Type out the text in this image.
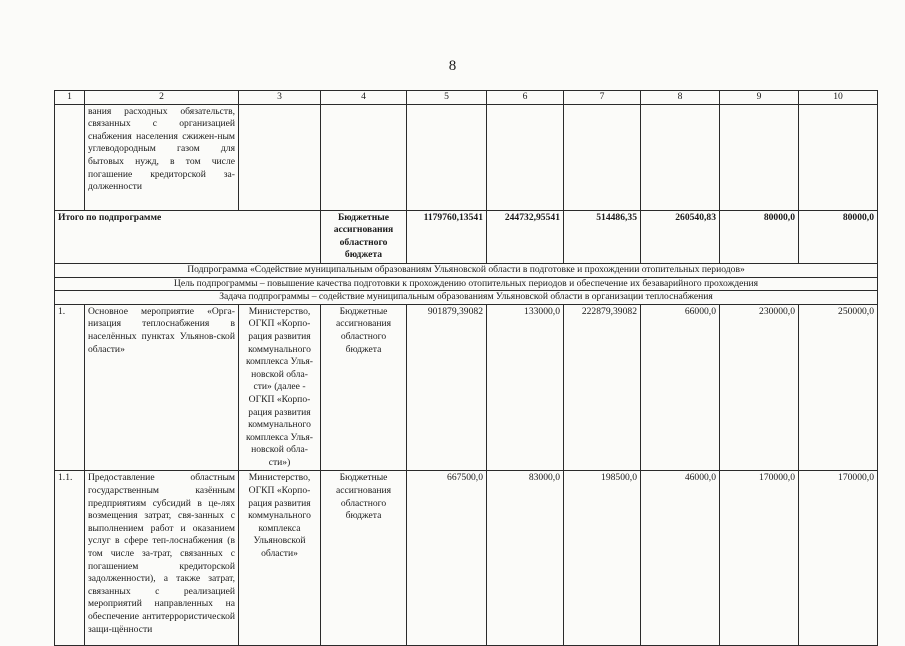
8
1	2	3	4	5	6	7	8	9	10
	вания расходных обязательств, связанных с организацией снабжения населения сжижен-ным углеводородным газом для бытовых нужд, в том числе погашение кредиторской за-долженности								
Итого по подпрограмме			Бюджетные ассигнования областного бюджета	1179760,13541	244732,95541	514486,35	260540,83	80000,0	80000,0
Подпрограмма «Содействие муниципальным образованиям Ульяновской области в подготовке и прохождении отопительных периодов»									
Цель подпрограммы – повышение качества подготовки к прохождению отопительных периодов и обеспечение их безаварийного прохождения									
Задача подпрограммы – содействие муниципальным образованиям Ульяновской области в организации теплоснабжения									
1.	Основное мероприятие «Орга-низация теплоснабжения в населённых пунктах Ульянов-ской области»	Министерство, ОГКП «Корпо-рация развития коммунального комплекса Улья-новской обла-сти» (далее - ОГКП «Корпо-рация развития коммунального комплекса Улья-новской обла-сти»)	Бюджетные ассигнования областного бюджета	901879,39082	133000,0	222879,39082	66000,0	230000,0	250000,0
1.1.	Предоставление областным государственным казённым предприятиям субсидий в це-лях возмещения затрат, свя-занных с выполнением работ и оказанием услуг в сфере теп-лоснабжения (в том числе за-трат, связанных с погашением кредиторской задолженности), а также затрат, связанных с реализацией мероприятий направленных на обеспечение антитеррористической защи-щённости	Министерство, ОГКП «Корпо-рация развития коммунального комплекса Ульяновской области»	Бюджетные ассигнования областного бюджета	667500,0	83000,0	198500,0	46000,0	170000,0	170000,0
